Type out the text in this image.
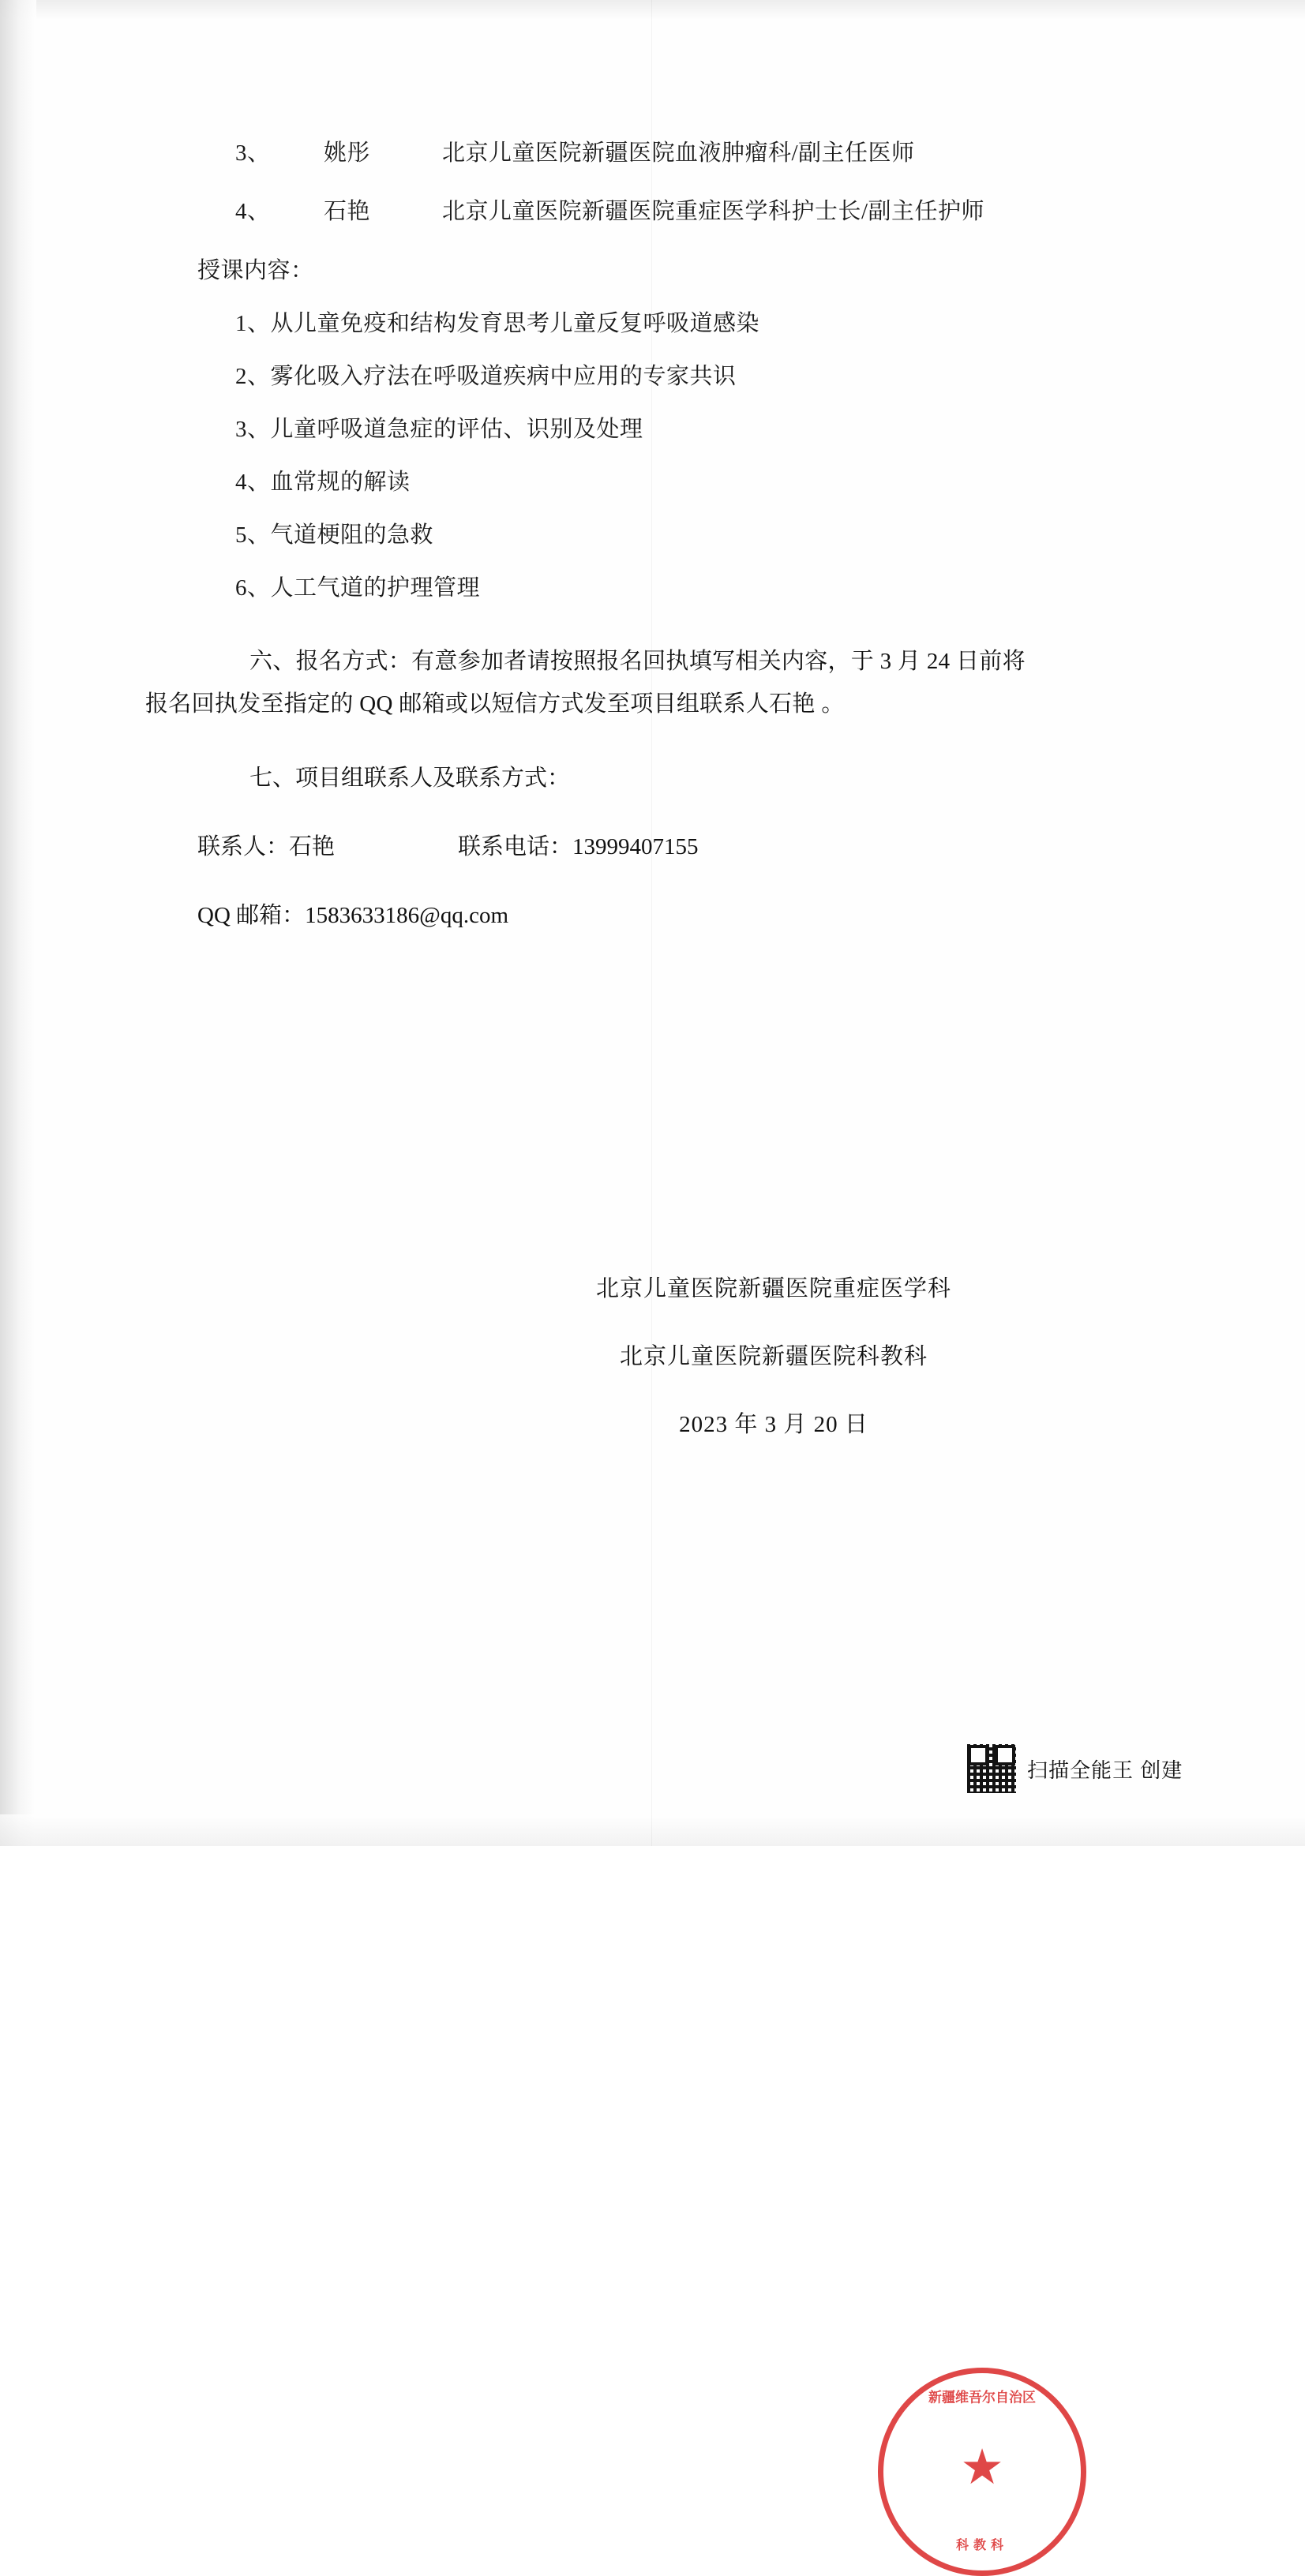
3、	姚彤	北京儿童医院新疆医院血液肿瘤科/副主任医师
4、	石艳	北京儿童医院新疆医院重症医学科护士长/副主任护师
授课内容：
1、从儿童免疫和结构发育思考儿童反复呼吸道感染
2、雾化吸入疗法在呼吸道疾病中应用的专家共识
3、儿童呼吸道急症的评估、识别及处理
4、血常规的解读
5、气道梗阻的急救
6、人工气道的护理管理
六、报名方式：有意参加者请按照报名回执填写相关内容，于 3 月 24 日前将
报名回执发至指定的 QQ 邮箱或以短信方式发至项目组联系人石艳 。
七、项目组联系人及联系方式：
联系人：石艳	联系电话：13999407155
QQ 邮箱：1583633186@qq.com
北京儿童医院新疆医院重症医学科
北京儿童医院新疆医院科教科
2023 年 3 月 20 日
新疆维吾尔自治区
★
科教科
扫描全能王 创建
